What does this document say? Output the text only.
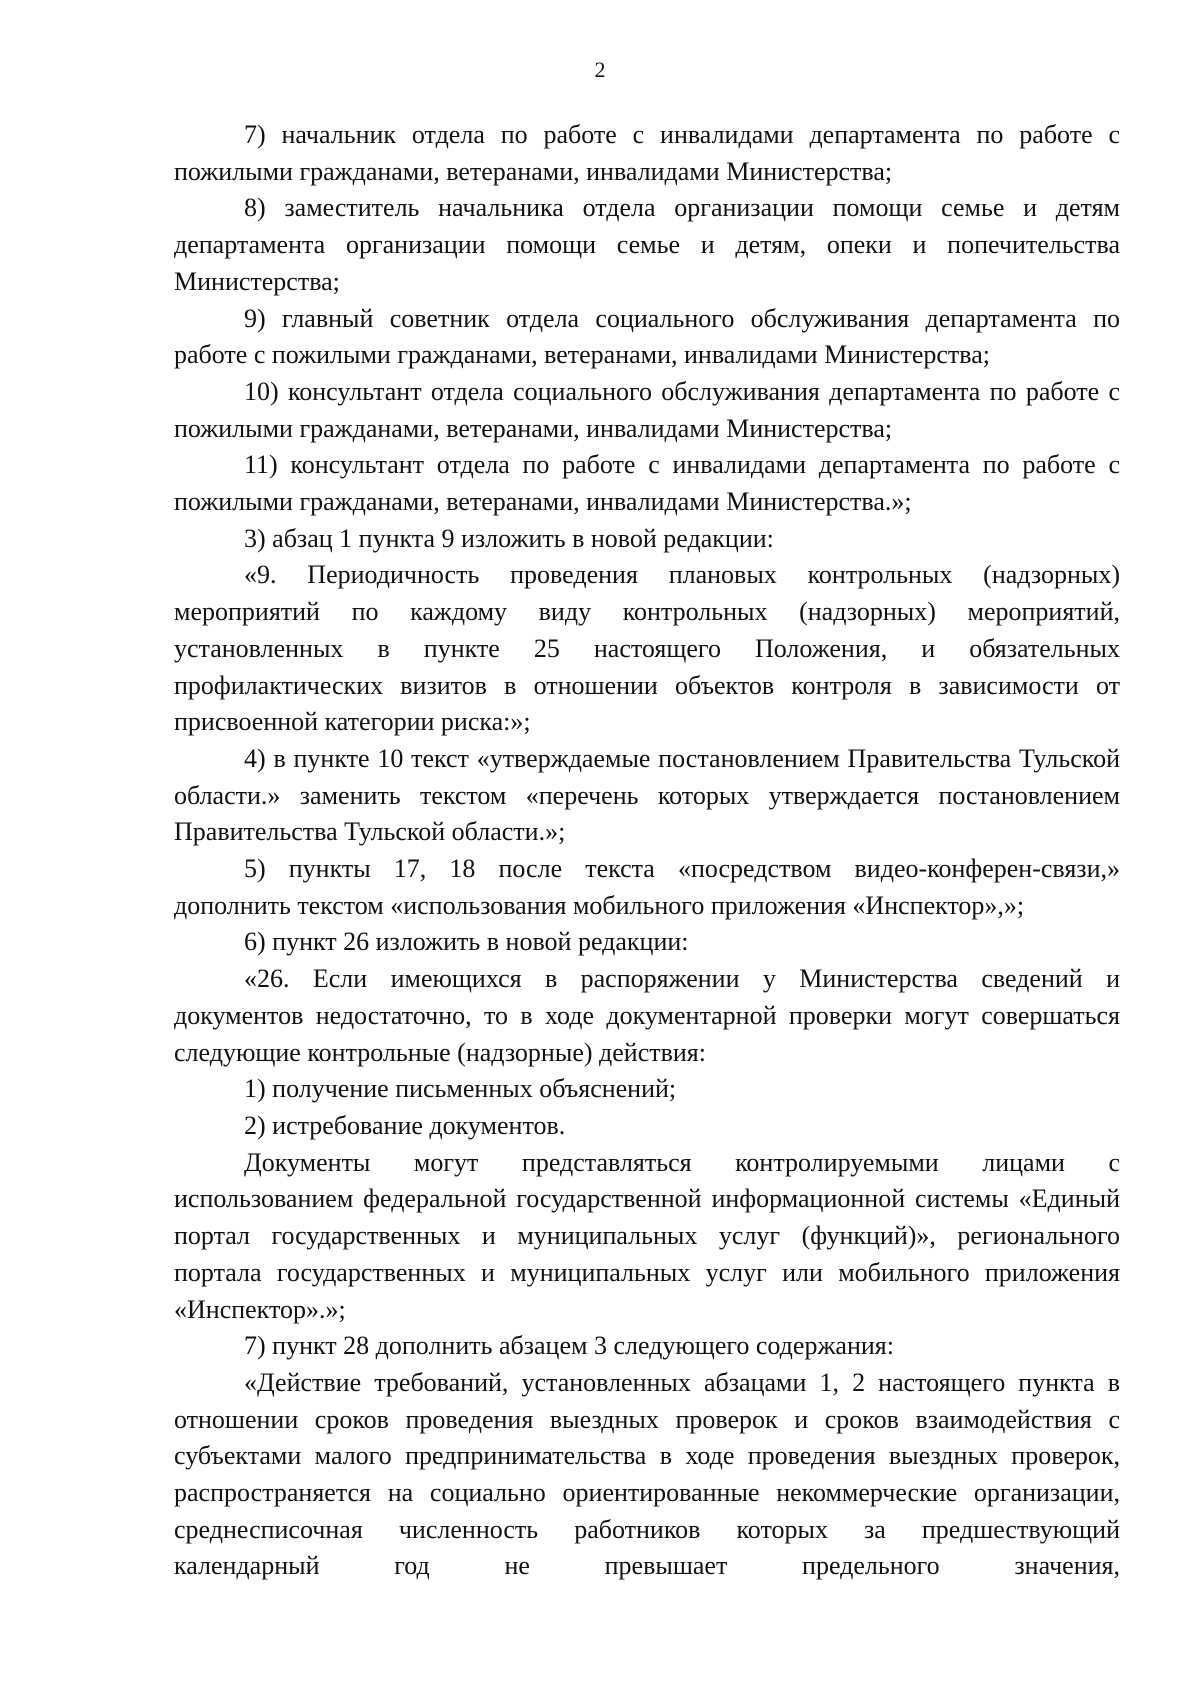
2

7) начальник отдела по работе с инвалидами департамента по работе с пожилыми гражданами, ветеранами, инвалидами Министерства;

8) заместитель начальника отдела организации помощи семье и детям департамента организации помощи семье и детям, опеки и попечительства Министерства;

9) главный советник отдела социального обслуживания департамента по работе с пожилыми гражданами, ветеранами, инвалидами Министерства;

10) консультант отдела социального обслуживания департамента по работе с пожилыми гражданами, ветеранами, инвалидами Министерства;

11) консультант отдела по работе с инвалидами департамента по работе с пожилыми гражданами, ветеранами, инвалидами Министерства.»;

3) абзац 1 пункта 9 изложить в новой редакции:

«9. Периодичность проведения плановых контрольных (надзорных) мероприятий по каждому виду контрольных (надзорных) мероприятий, установленных в пункте 25 настоящего Положения, и обязательных профилактических визитов в отношении объектов контроля в зависимости от присвоенной категории риска:»;

4) в пункте 10 текст «утверждаемые постановлением Правительства Тульской области.» заменить текстом «перечень которых утверждается постановлением Правительства Тульской области.»;

5) пункты 17, 18 после текста «посредством видео-конферен-связи,» дополнить текстом «использования мобильного приложения «Инспектор»,»;

6) пункт 26 изложить в новой редакции:

«26. Если имеющихся в распоряжении у Министерства сведений и документов недостаточно, то в ходе документарной проверки могут совершаться следующие контрольные (надзорные) действия:

1) получение письменных объяснений;

2) истребование документов.

Документы могут представляться контролируемыми лицами с использованием федеральной государственной информационной системы «Единый портал государственных и муниципальных услуг (функций)», регионального портала государственных и муниципальных услуг или мобильного приложения «Инспектор».»;

7) пункт 28 дополнить абзацем 3 следующего содержания:

«Действие требований, установленных абзацами 1, 2 настоящего пункта в отношении сроков проведения выездных проверок и сроков взаимодействия с субъектами малого предпринимательства в ходе проведения выездных проверок, распространяется на социально ориентированные некоммерческие организации, среднесписочная численность работников которых за предшествующий календарный год не превышает предельного значения,
